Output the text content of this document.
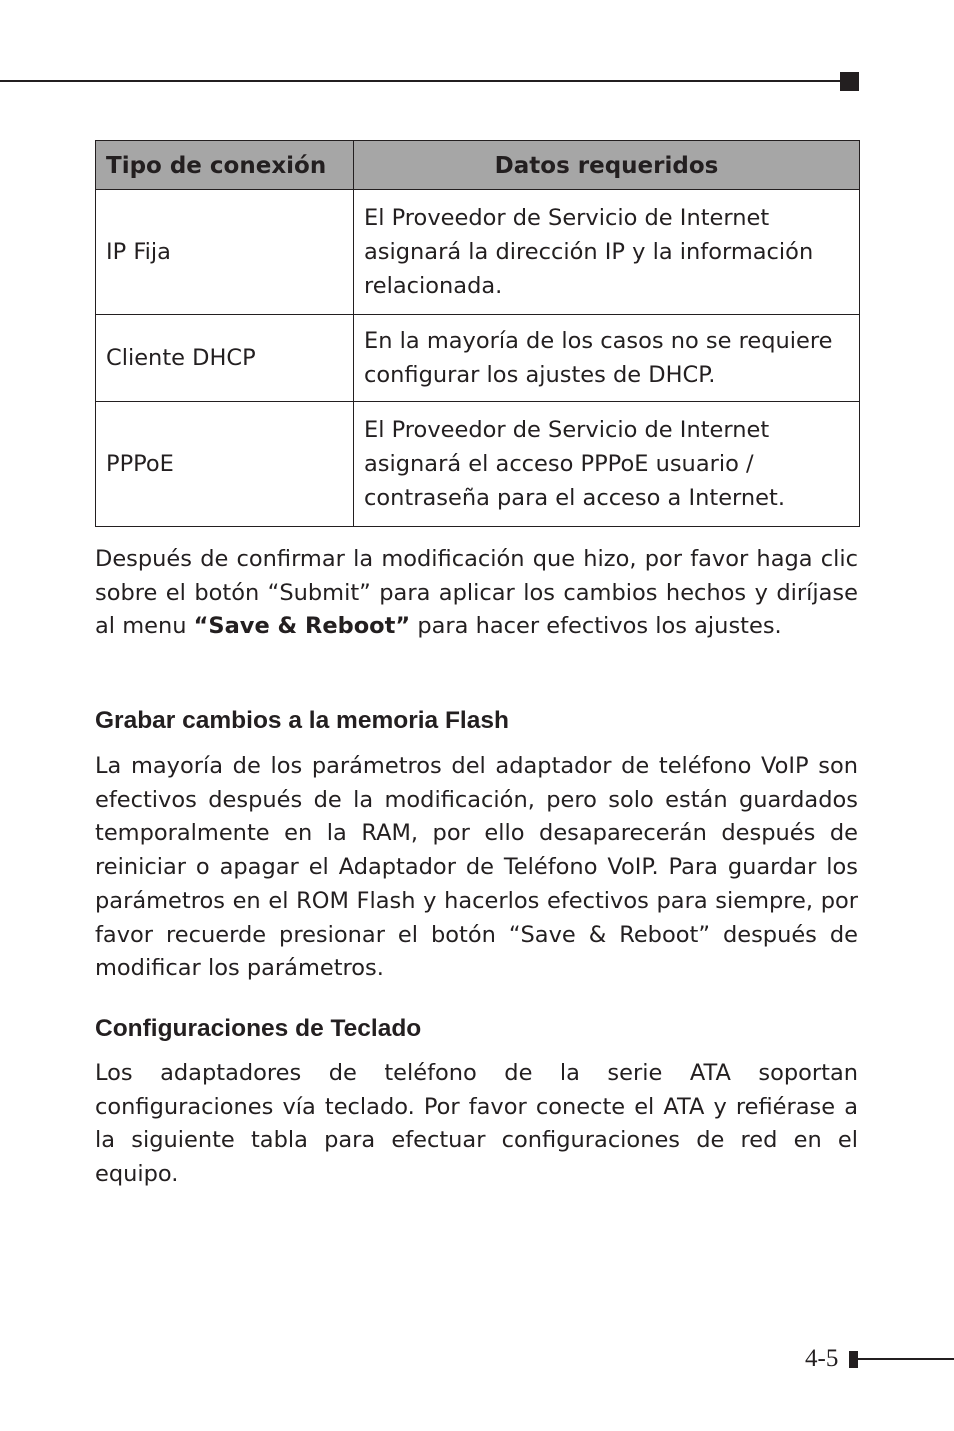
Tipo de conexión	Datos requeridos
IP Fija	El Proveedor de Servicio de Internet asignará la dirección IP y la información relacionada.
Cliente DHCP	En la mayoría de los casos no se requiere configurar los ajustes de DHCP.
PPPoE	El Proveedor de Servicio de Internet asignará el acceso PPPoE usuario / contraseña para el acceso a Internet.

Después de confirmar la modificación que hizo, por favor haga clic sobre el botón “Submit” para aplicar los cambios hechos y diríjase al menu “Save & Reboot” para hacer efectivos los ajustes.

Grabar cambios a la memoria Flash

La mayoría de los parámetros del adaptador de teléfono VoIP son efectivos después de la modificación, pero solo están guardados temporalmente en la RAM, por ello desaparecerán después de reiniciar o apagar el Adaptador de Teléfono VoIP. Para guardar los parámetros en el ROM Flash y hacerlos efectivos para siempre, por favor recuerde presionar el botón “Save & Reboot” después de modificar los parámetros.

Configuraciones de Teclado

Los adaptadores de teléfono de la serie ATA soportan configuraciones vía teclado. Por favor conecte el ATA y refiérase a la siguiente tabla para efectuar configuraciones de red en el equipo.

4-5
